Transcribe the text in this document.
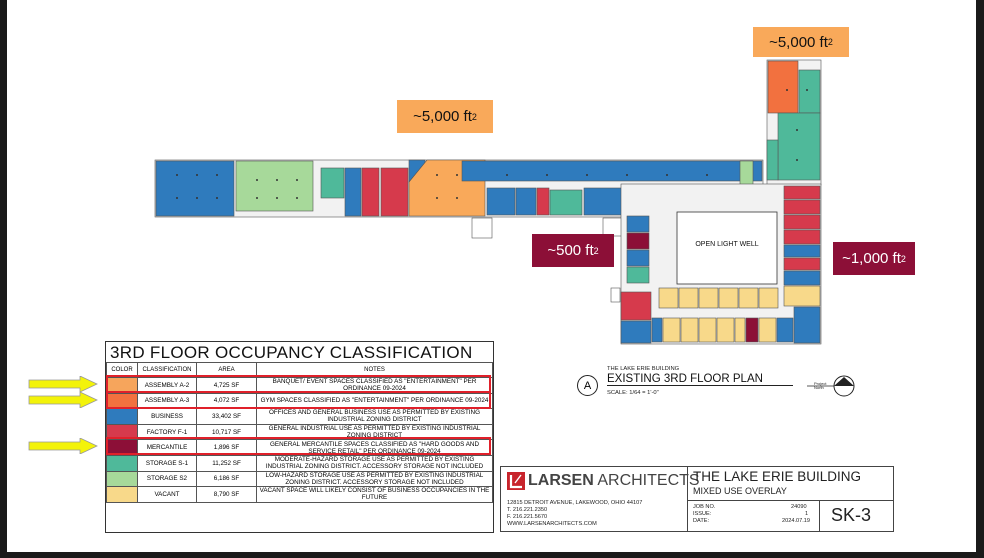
OPEN LIGHT WELL
~5,000 ft 2
~5,000 ft 2
~500 ft 2	~1,000 ft 2
A
THE LAKE ERIE BUILDING
EXISTING 3RD FLOOR PLAN
SCALE: 1/64 = 1'-0"
Project North
3RD FLOOR OCCUPANCY CLASSIFICATION
COLOR	CLASSIFICATION	AREA	NOTES
	ASSEMBLY A-2	4,725 SF	BANQUET/ EVENT SPACES CLASSIFIED AS "ENTERTAINMENT" PER ORDINANCE 09-2024
	ASSEMBLY A-3	4,072 SF	GYM SPACES CLASSIFIED AS "ENTERTAINMENT" PER ORDINANCE 09-2024
	BUSINESS	33,402 SF	OFFICES AND GENERAL BUSINESS USE AS PERMITTED BY EXISTING INDUSTRIAL ZONING DISTRICT
	FACTORY F-1	10,717 SF	GENERAL INDUSTRIAL USE AS PERMITTED BY EXISTING INDUSTRIAL ZONING DISTRICT
	MERCANTILE	1,896 SF	GENERAL MERCANTILE SPACES CLASSIFIED AS "HARD GOODS AND SERVICE RETAIL" PER ORDINANCE 09-2024
	STORAGE S-1	11,252 SF	MODERATE-HAZARD STORAGE USE AS PERMITTED BY EXISTING INDUSTRIAL ZONING DISTRICT. ACCESSORY STORAGE NOT INCLUDED
	STORAGE S2	6,186 SF	LOW-HAZARD STORAGE USE AS PERMITTED BY EXISTING INDUSTRIAL ZONING DISTRICT. ACCESSORY STORAGE NOT INCLUDED
	VACANT	8,790 SF	VACANT SPACE WILL LIKELY CONSIST OF BUSINESS OCCUPANCIES IN THE FUTURE
LARSEN ARCHITECTS
12815 DETROIT AVENUE, LAKEWOOD, OHIO 44107
T. 216.221.2350
F. 216.221.5670
WWW.LARSENARCHITECTS.COM
THE LAKE ERIE BUILDING
MIXED USE OVERLAY
JOB NO.	24090
ISSUE:	1
DATE:	2024.07.19 SK-3
